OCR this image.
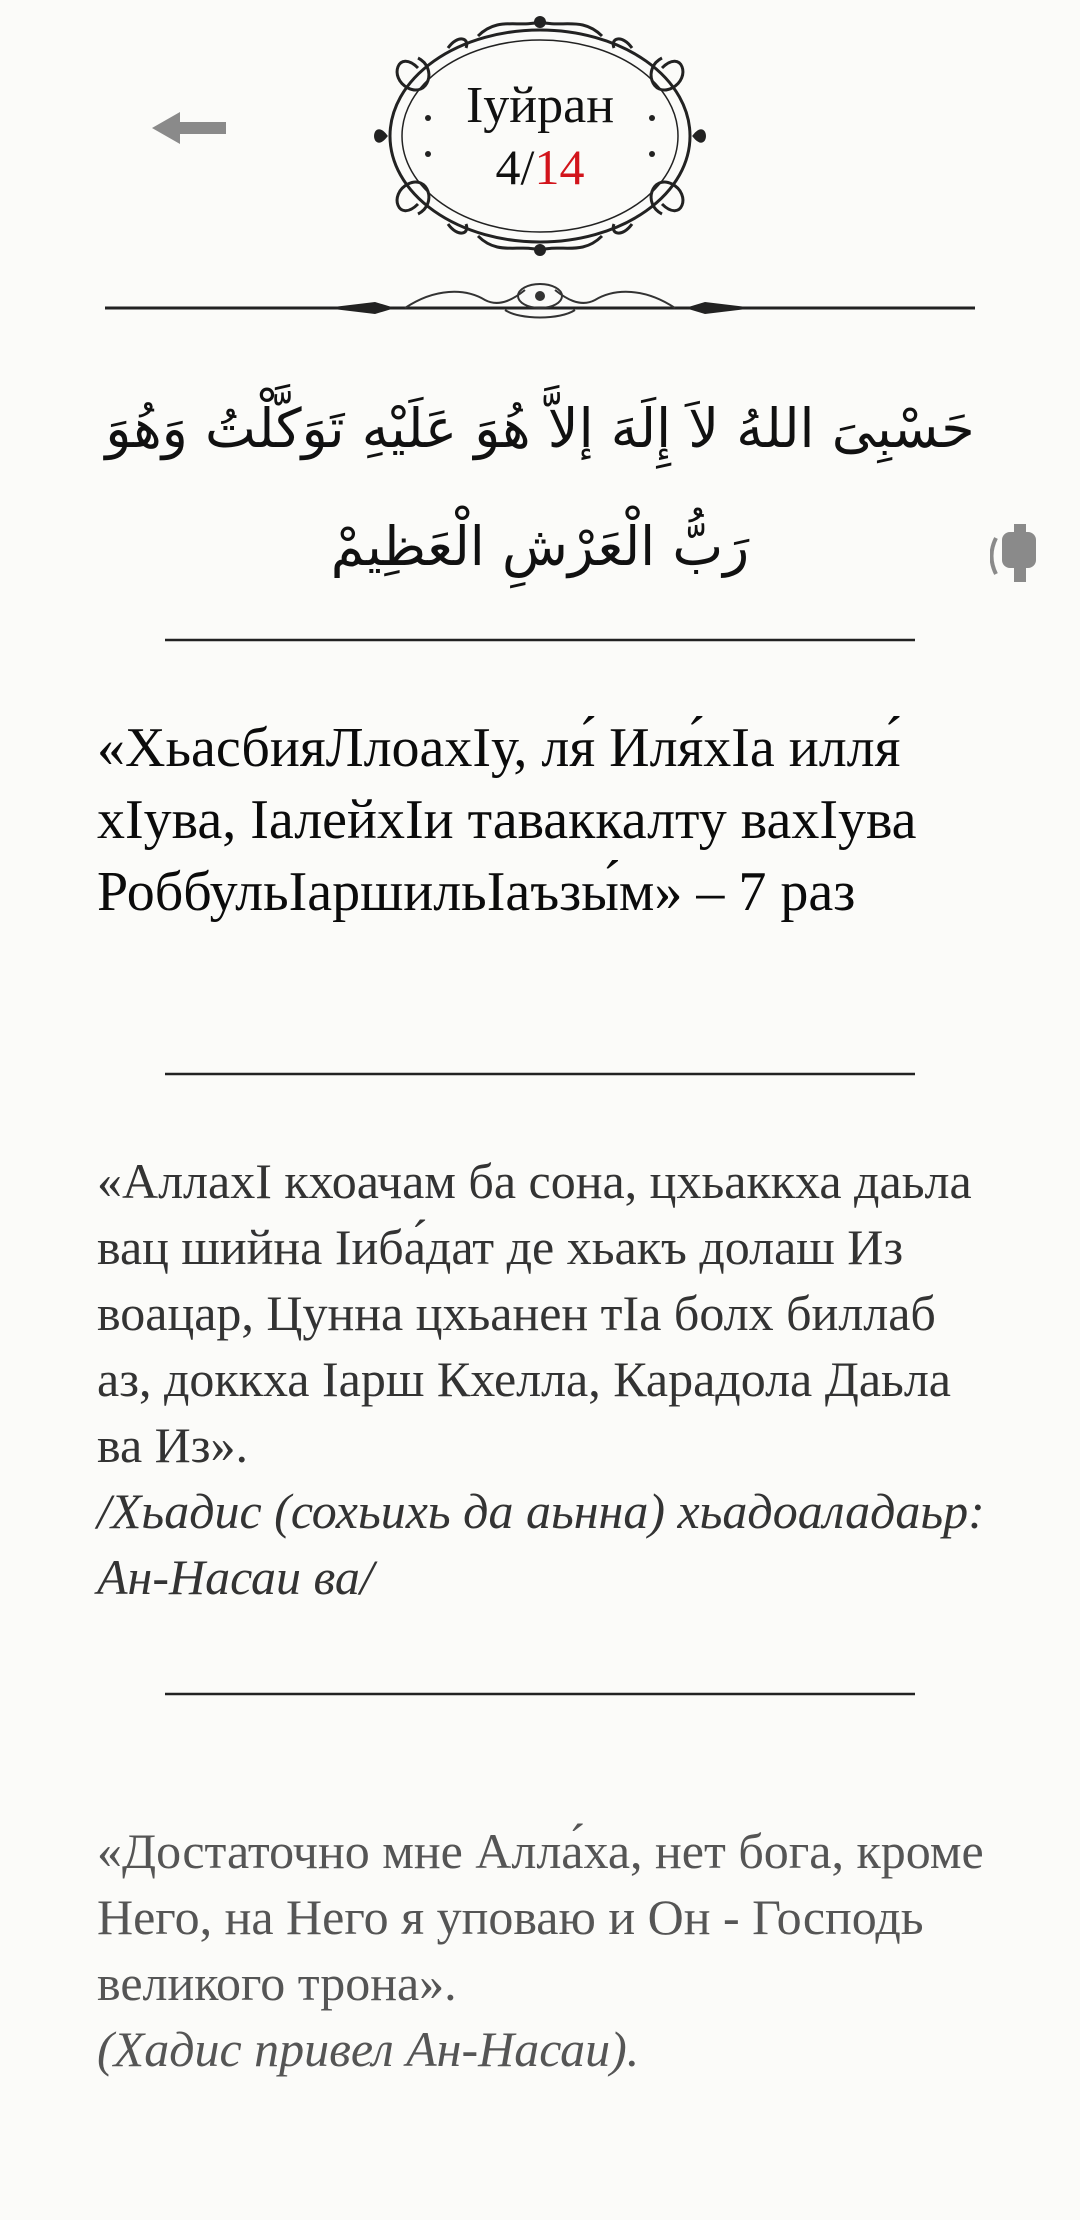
Iуйран
4/14
حَسْبِىَ اللهُ لاَ إِلَهَ إلاَّ هُوَ عَلَيْهِ تَوَكَّلْتُ وَهُوَ رَبُّ الْعَرْشِ الْعَظِيمْ
«ХьасбияЛлоахIу, ля́ Иля́хIа илля́ хIува, IалейхIи таваккалту вахIува РоббульIаршильIаъзы́м» – 7 раз
«АллахI кхоачам ба сона, цхьаккха даьла вац шийна Iиба́дат де хьакъ долаш Из воацар, Цунна цхьанен тIа болх биллаб аз, доккха Iарш Кхелла, Карадола Даьла ва Из».
/Хьадис (сохьихь да аьнна) хьадоаладаьр: Ан-Насаи ва/
«Достаточно мне Алла́ха, нет бога, кроме Него, на Него я уповаю и Он - Господь великого трона».
(Хадис привел Ан-Насаи).
